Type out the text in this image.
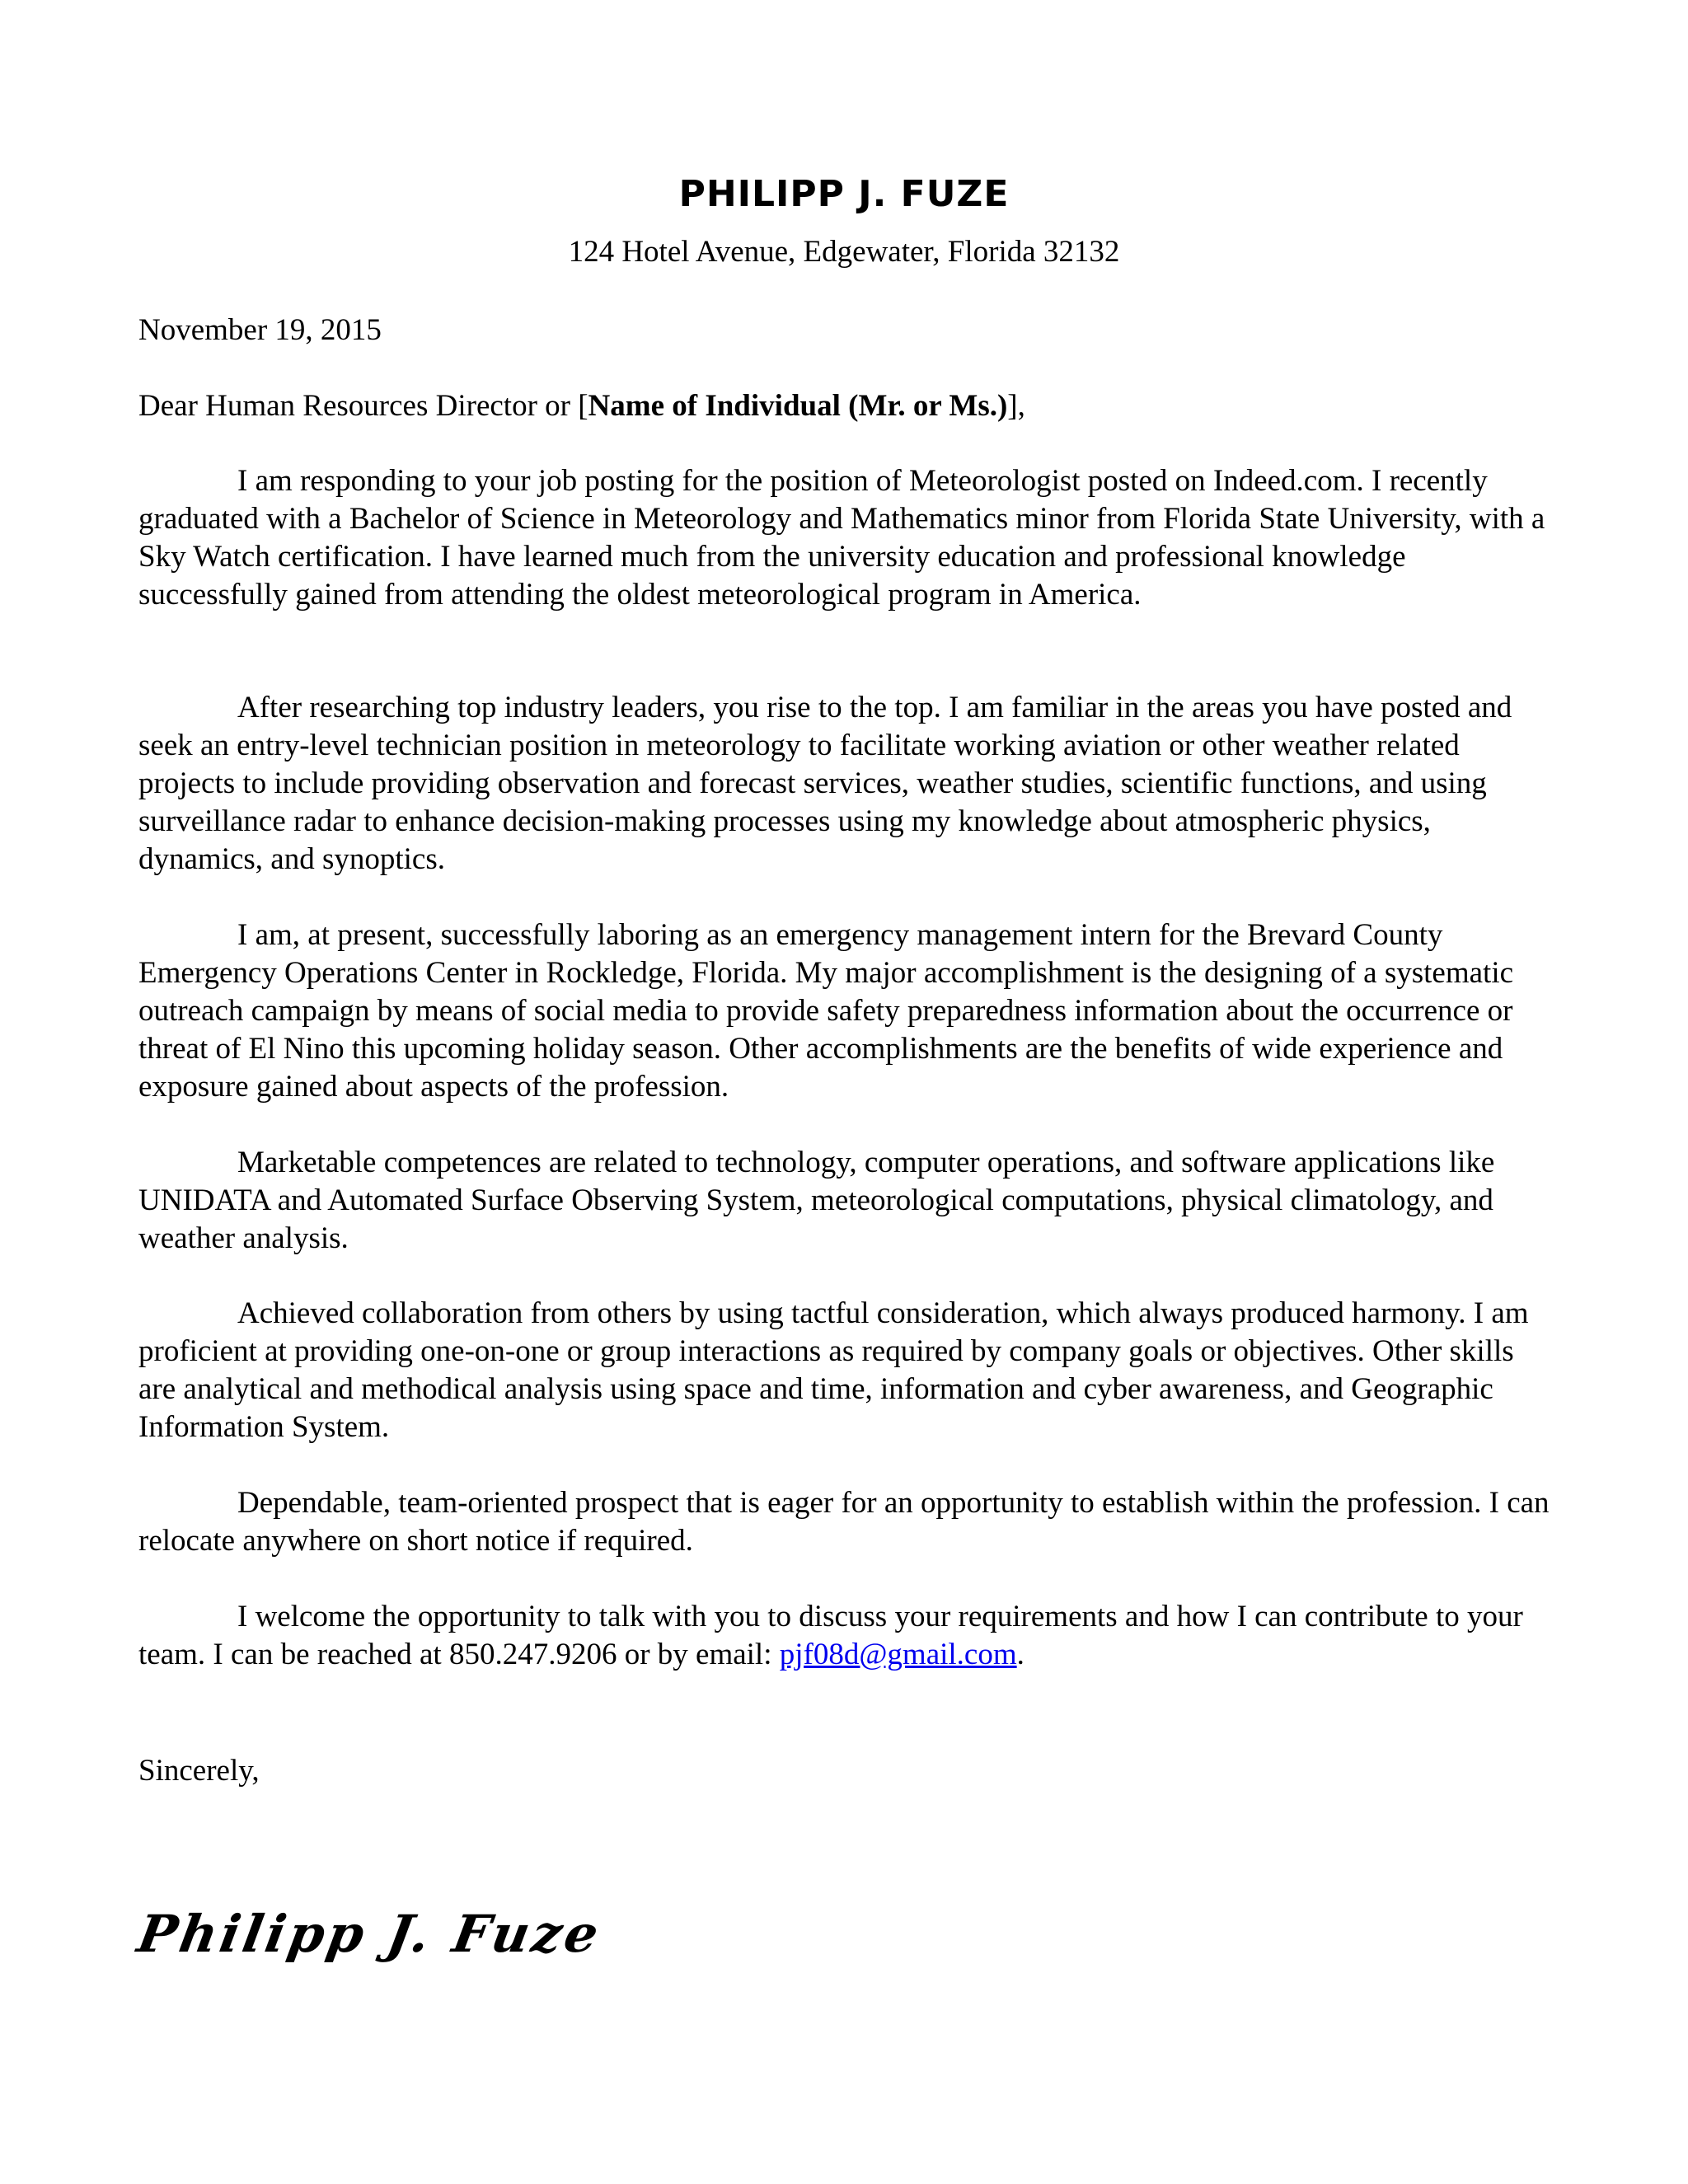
PHILIPP J. FUZE
124 Hotel Avenue, Edgewater, Florida 32132
November 19, 2015
Dear Human Resources Director or [Name of Individual (Mr. or Ms.)],

I am responding to your job posting for the position of Meteorologist posted on Indeed.com. I recently graduated with a Bachelor of Science in Meteorology and Mathematics minor from Florida State University, with a Sky Watch certification. I have learned much from the university education and professional knowledge successfully gained from attending the oldest meteorological program in America.

After researching top industry leaders, you rise to the top. I am familiar in the areas you have posted and seek an entry-level technician position in meteorology to facilitate working aviation or other weather related projects to include providing observation and forecast services, weather studies, scientific functions, and using surveillance radar to enhance decision-making processes using my knowledge about atmospheric physics, dynamics, and synoptics.

I am, at present, successfully laboring as an emergency management intern for the Brevard County Emergency Operations Center in Rockledge, Florida. My major accomplishment is the designing of a systematic outreach campaign by means of social media to provide safety preparedness information about the occurrence or threat of El Nino this upcoming holiday season. Other accomplishments are the benefits of wide experience and exposure gained about aspects of the profession.

Marketable competences are related to technology, computer operations, and software applications like UNIDATA and Automated Surface Observing System, meteorological computations, physical climatology, and weather analysis.

Achieved collaboration from others by using tactful consideration, which always produced harmony. I am proficient at providing one-on-one or group interactions as required by company goals or objectives. Other skills are analytical and methodical analysis using space and time, information and cyber awareness, and Geographic Information System.

Dependable, team-oriented prospect that is eager for an opportunity to establish within the profession. I can relocate anywhere on short notice if required.

I welcome the opportunity to talk with you to discuss your requirements and how I can contribute to your team. I can be reached at 850.247.9206 or by email: pjf08d@gmail.com.

Sincerely,
Philipp J. Fuze
